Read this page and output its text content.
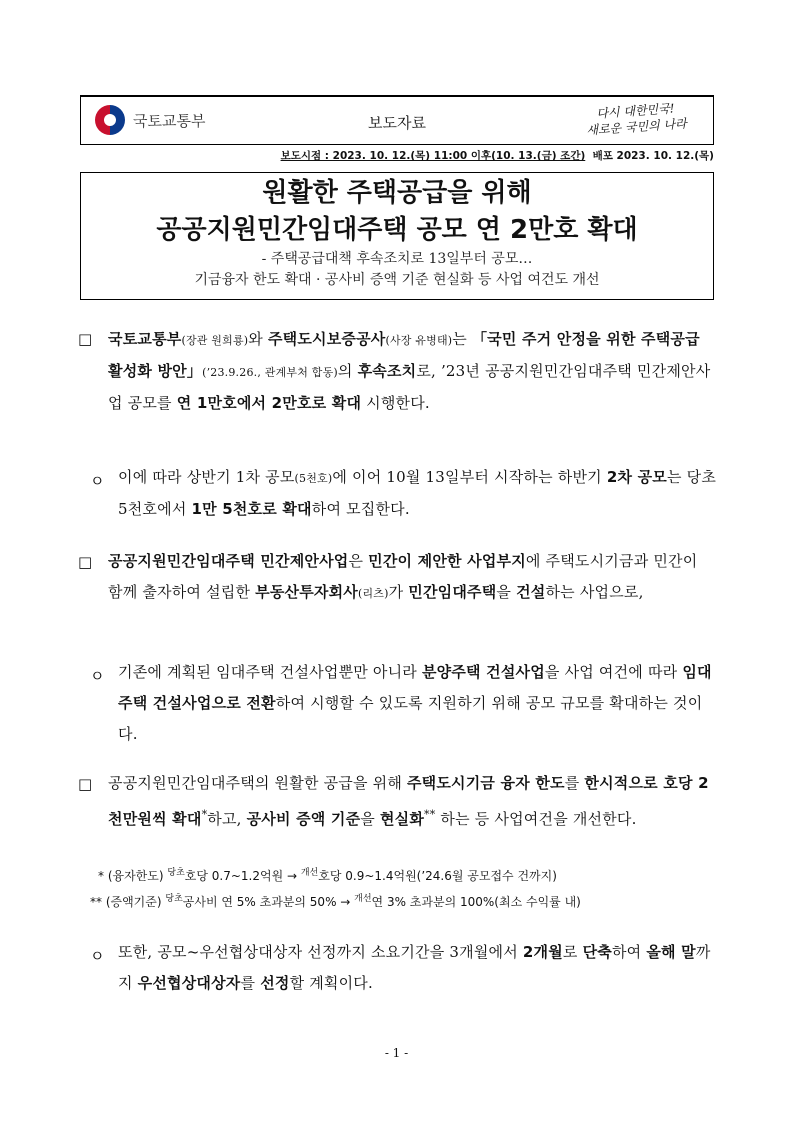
국토교통부	보도자료
다시 대한민국!
새로운 국민의 나라
보도시점 : 2023. 10. 12.(목) 11:00 이후(10. 13.(금) 조간) 배포 2023. 10. 12.(목)
원활한 주택공급을 위해
공공지원민간임대주택 공모 연 2만호 확대
- 주택공급대책 후속조치로 13일부터 공모…
기금융자 한도 확대 · 공사비 증액 기준 현실화 등 사업 여건도 개선
□ 국토교통부(장관 원희룡)와 주택도시보증공사(사장 유병태)는 「국민 주거 안정을 위한 주택공급 활성화 방안」(’23.9.26., 관계부처 합동)의 후속조치로, ’23년 공공지원민간임대주택 민간제안사업 공모를 연 1만호에서 2만호로 확대 시행한다.
ㅇ 이에 따라 상반기 1차 공모(5천호)에 이어 10월 13일부터 시작하는 하반기 2차 공모는 당초 5천호에서 1만 5천호로 확대하여 모집한다.
□ 공공지원민간임대주택 민간제안사업은 민간이 제안한 사업부지에 주택도시기금과 민간이 함께 출자하여 설립한 부동산투자회사(리츠)가 민간임대주택을 건설하는 사업으로,
ㅇ 기존에 계획된 임대주택 건설사업뿐만 아니라 분양주택 건설사업을 사업 여건에 따라 임대주택 건설사업으로 전환하여 시행할 수 있도록 지원하기 위해 공모 규모를 확대하는 것이다.
□ 공공지원민간임대주택의 원활한 공급을 위해 주택도시기금 융자 한도를 한시적으로 호당 2천만원씩 확대*하고, 공사비 증액 기준을 현실화** 하는 등 사업여건을 개선한다.
* (융자한도) $^{당초}$호당 0.7~1.2억원 → $^{개선}$호당 0.9~1.4억원(’24.6월 공모접수 건까지)
** (증액기준) $^{당초}$공사비 연 5% 초과분의 50% → $^{개선}$연 3% 초과분의 100%(최소 수익률 내)
ㅇ 또한, 공모~우선협상대상자 선정까지 소요기간을 3개월에서 2개월로 단축하여 올해 말까지 우선협상대상자를 선정할 계획이다.
- 1 -
